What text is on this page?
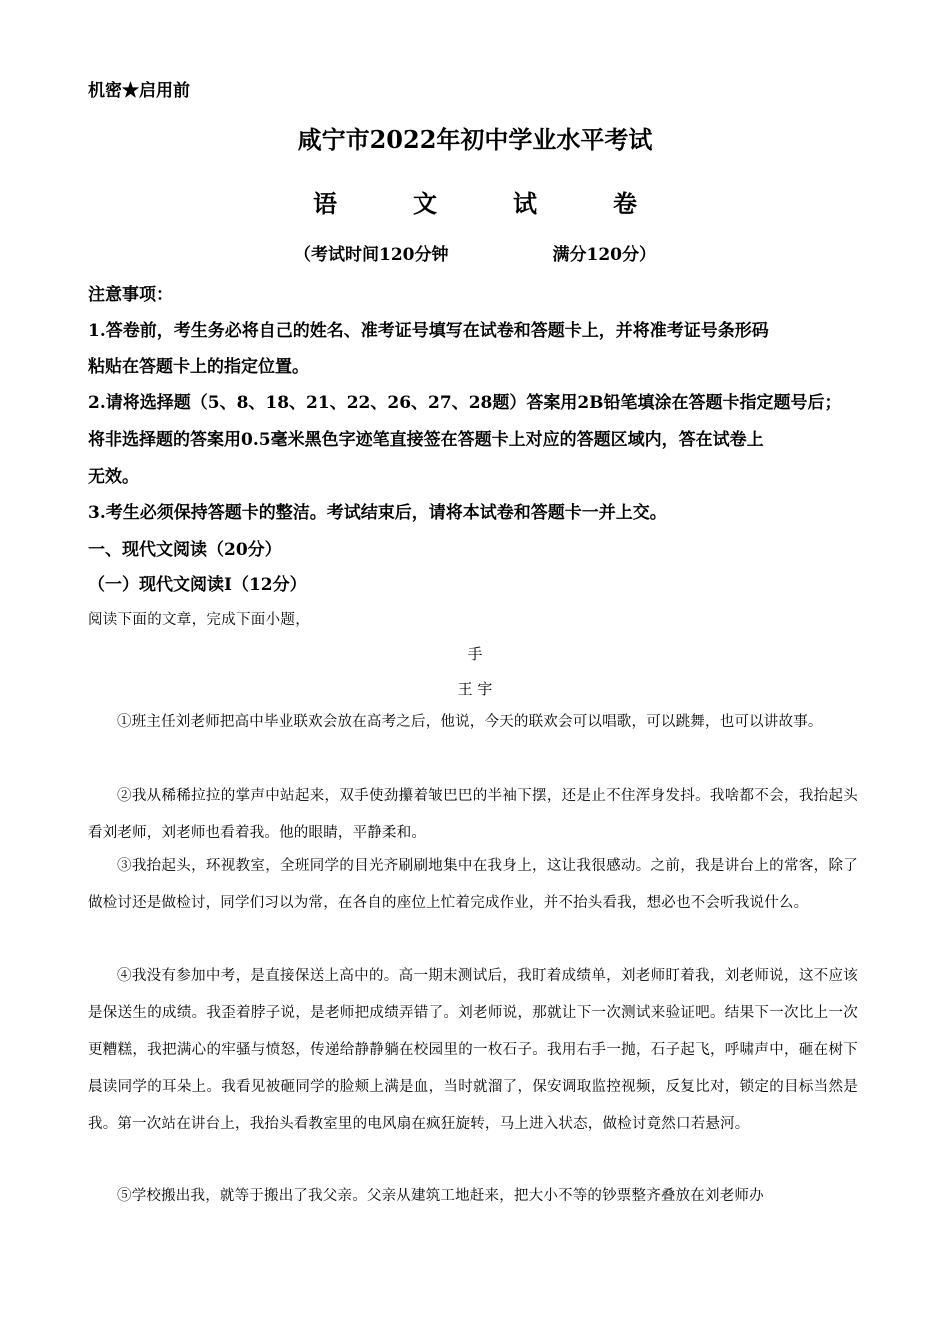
机密★启用前
咸宁市2022年初中学业水平考试
语	文	试	卷
（考试时间120分钟	满分120分）
注意事项：
1.答卷前，考生务必将自己的姓名、准考证号填写在试卷和答题卡上，并将准考证号条形码
粘贴在答题卡上的指定位置。
2.请将选择题（5、8、18、21、22、26、27、28题）答案用2B铅笔填涂在答题卡指定题号后；
将非选择题的答案用0.5毫米黑色字迹笔直接签在答题卡上对应的答题区域内，答在试卷上
无效。
3.考生必须保持答题卡的整洁。考试结束后，请将本试卷和答题卡一并上交。
一、现代文阅读（20分）
（一）现代文阅读Ⅰ（12分）
阅读下面的文章，完成下面小题，
手
王 宇
①班主任刘老师把高中毕业联欢会放在高考之后，他说，今天的联欢会可以唱歌，可以跳舞，也可以讲故事。
②我从稀稀拉拉的掌声中站起来，双手使劲攥着皱巴巴的半袖下摆，还是止不住浑身发抖。我啥都不会，我抬起头看刘老师，刘老师也看着我。他的眼睛，平静柔和。
③我抬起头，环视教室，全班同学的目光齐刷刷地集中在我身上，这让我很感动。之前，我是讲台上的常客，除了做检讨还是做检讨，同学们习以为常，在各自的座位上忙着完成作业，并不抬头看我，想必也不会听我说什么。
④我没有参加中考，是直接保送上高中的。高一期末测试后，我盯着成绩单，刘老师盯着我，刘老师说，这不应该是保送生的成绩。我歪着脖子说，是老师把成绩弄错了。刘老师说，那就让下一次测试来验证吧。结果下一次比上一次更糟糕，我把满心的牢骚与愤怒，传递给静静躺在校园里的一枚石子。我用右手一抛，石子起飞，呼啸声中，砸在树下晨读同学的耳朵上。我看见被砸同学的脸颊上满是血，当时就溜了，保安调取监控视频，反复比对，锁定的目标当然是我。第一次站在讲台上，我抬头看教室里的电风扇在疯狂旋转，马上进入状态，做检讨竟然口若悬河。
⑤学校搬出我，就等于搬出了我父亲。父亲从建筑工地赶来，把大小不等的钞票整齐叠放在刘老师办
